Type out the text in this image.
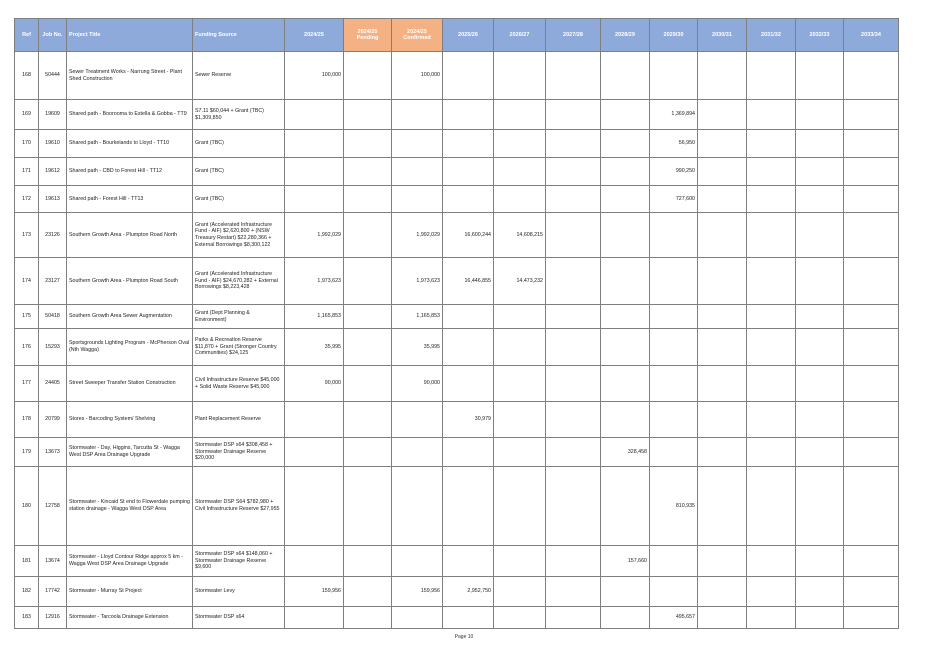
Ref	Job No.	Project Title	Funding Source	2024/25	2024/25 Pending	2024/25 Confirmed	2025/26	2026/27	2027/28	2028/29	2029/30	2030/31	2031/32	2032/33	2033/34
168	50444	Sewer Treatment Works - Narrung Street - Plant Shed Construction	Sewer Reserve	100,000		100,000									
169	19609	Shared path - Boorooma to Estella & Gobba - TT9	S7.11 $60,044 + Grant (TBC) $1,309,850								1,369,894				
170	19610	Shared path - Bourkelands to Lloyd - TT10	Grant (TBC)								56,950				
171	19612	Shared path - CBD to Forest Hill - TT12	Grant (TBC)								990,250				
172	19613	Shared path - Forest Hill - TT13	Grant (TBC)								727,600				
173	23126	Southern Growth Area - Plumpton Road North	Grant (Accelerated Infrastructure Fund - AIF) $2,620,800 + (NSW Treasury Restart) $22,280,366 + External Borrowings $8,300,122	1,992,029		1,992,029	16,600,244	14,608,215							
174	23127	Southern Growth Area - Plumpton Road South	Grant (Accelerated Infrastructure Fund - AIF) $24,670,282 + External Borrowings $8,223,428	1,973,623		1,973,623	16,446,855	14,473,232							
175	50418	Southern Growth Area Sewer Augmentation	Grant (Dept Planning & Environment)	1,165,853		1,165,853									
176	15293	Sportsgrounds Lighting Program - McPherson Oval (Nth Wagga)	Parks & Recreation Reserve $11,870 + Grant (Stronger Country Communities) $24,125	35,995		35,995									
177	24405	Street Sweeper Transfer Station Construction	Civil Infrastructure Reserve $45,000 + Solid Waste Reserve $45,000	90,000		90,000									
178	20799	Stores - Barcoding System/ Shelving	Plant Replacement Reserve				30,979								
179	13673	Stormwater - Day, Higgins, Tarcutta St - Wagga West DSP Area Drainage Upgrade	Stormwater DSP s64 $308,458 + Stormwater Drainage Reserve $20,000							328,458					
180	12758	Stormwater - Kincaid St end to Flowerdale pumping station drainage - Wagga West DSP Area	Stormwater DSP S64 $782,980 + Civil Infrastructure Reserve $27,955								810,935				
181	13674	Stormwater - Lloyd Contour Ridge approx 5 km - Wagga West DSP Area Drainage Upgrade	Stormwater DSP s64 $148,060 + Stormwater Drainage Reserve $9,600							157,660					
182	17742	Stormwater - Murray St Project	Stormwater Levy	159,956		159,956	2,952,750								
183	12916	Stormwater - Tarcoola Drainage Extension	Stormwater DSP s64								495,657				
Page 10
